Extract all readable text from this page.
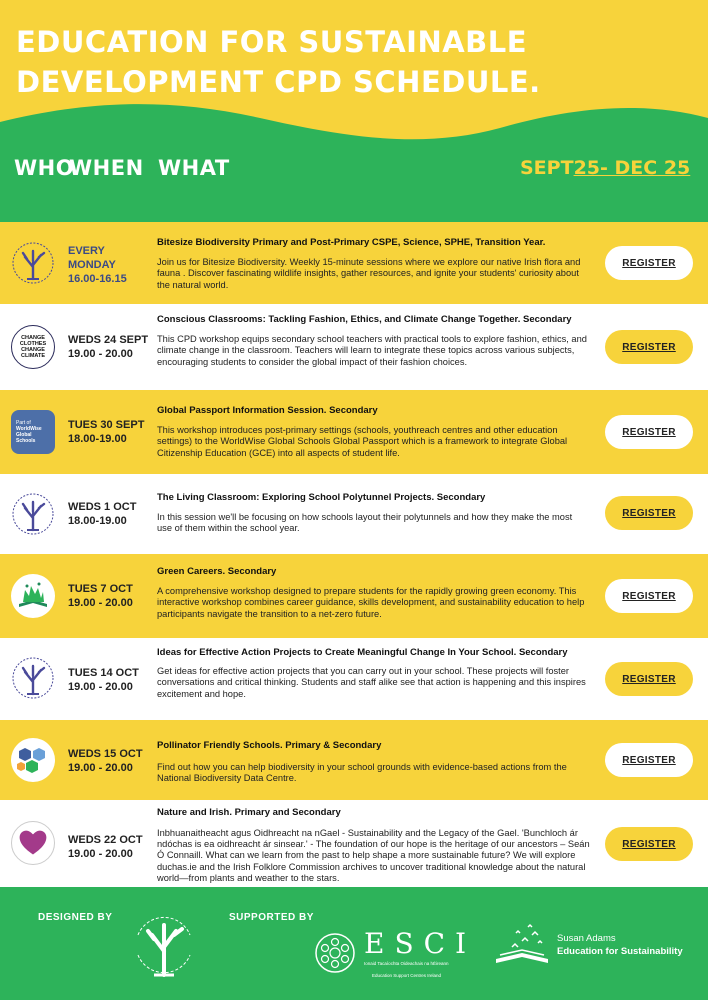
EDUCATION FOR SUSTAINABLE DEVELOPMENT CPD SCHEDULE.
WHO
WHEN WHAT	SEPT25- DEC 25
EVERY
MONDAY
16.00-16.15
Bitesize Biodiversity Primary and Post-Primary CSPE, Science, SPHE, Transition Year.
Join us for Bitesize Biodiversity. Weekly 15-minute sessions where we explore our native Irish flora and fauna . Discover fascinating wildlife insights, gather resources, and ignite your students' curiosity about the natural world.
REGISTER
CHANGE CLOTHES CHANGE CLIMATE
WEDS 24 SEPT
19.00 - 20.00
Conscious Classrooms: Tackling Fashion, Ethics, and Climate Change Together. Secondary
This CPD workshop equips secondary school teachers with practical tools to explore fashion, ethics, and climate change in the classroom. Teachers will learn to integrate these topics across various subjects, encouraging students to consider the global impact of their fashion choices.
REGISTER
Part of
WorldWise
Global
Schools
TUES 30 SEPT
18.00-19.00
Global Passport Information Session. Secondary
This workshop introduces post-primary settings (schools, youthreach centres and other education settings) to the WorldWise Global Schools Global Passport which is a framework to integrate Global Citizenship Education (GCE) into all aspects of student life.
REGISTER
WEDS 1 OCT
18.00-19.00
The Living Classroom: Exploring School Polytunnel Projects. Secondary
In this session we'll be focusing on how schools layout their polytunnels and how they make the most use of them within the school year.
REGISTER
TUES 7 OCT
19.00 - 20.00
Green Careers. Secondary
A comprehensive workshop designed to prepare students for the rapidly growing green economy. This interactive workshop combines career guidance, skills development, and sustainability education to help participants navigate the transition to a net-zero future.
REGISTER
TUES 14 OCT
19.00 - 20.00
Ideas for Effective Action Projects to Create Meaningful Change In Your School. Secondary
Get ideas for effective action projects that you can carry out in your school. These projects will foster conversations and critical thinking. Students and staff alike see that action is happening and this inspires excitement and hope.
REGISTER
WEDS 15 OCT
19.00 - 20.00
Pollinator Friendly Schools. Primary & Secondary
Find out how you can help biodiversity in your school grounds with evidence-based actions from the National Biodiversity Data Centre.
REGISTER
WEDS 22 OCT
19.00 - 20.00
Nature and Irish. Primary and Secondary
Inbhuanaitheacht agus Oidhreacht na nGael - Sustainability and the Legacy of the Gael. 'Bunchloch ár ndóchas is ea oidhreacht ár sinsear.' - The foundation of our hope is the heritage of our ancestors – Seán Ó Connaill. What can we learn from the past to help shape a more sustainable future? We will explore duchas.ie and the Irish Folklore Commission archives to uncover traditional knowledge about the natural world—from plants and weather to the stars.
REGISTER
DESIGNED BY	SUPPORTED BY
ESCI
Ionaid Tacaíochta Oideachais na hÉireann
Education Support Centres Ireland
Susan Adams
Education for Sustainability
